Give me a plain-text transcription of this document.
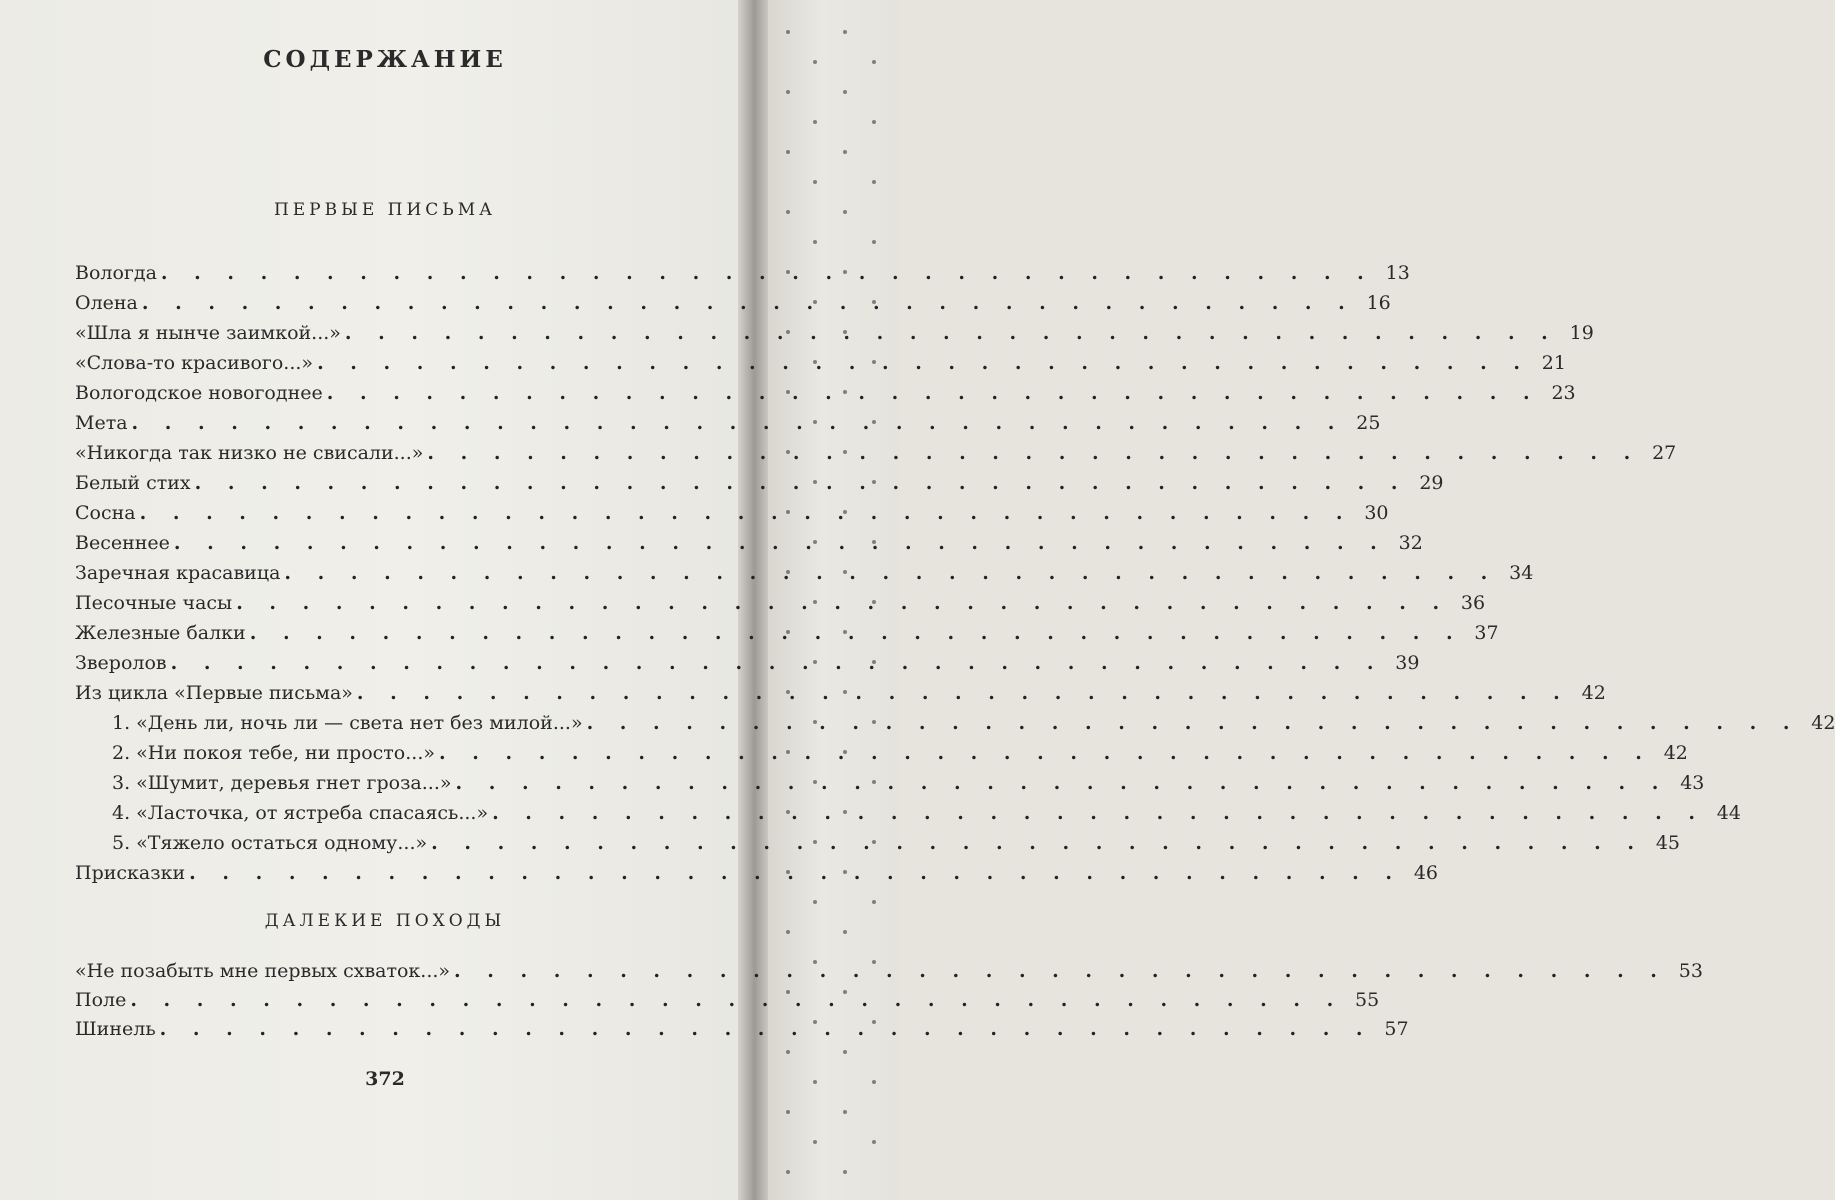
СОДЕРЖАНИЕ
ПЕРВЫЕ ПИСЬМА
Вологда . . . . . . . . . . . . . . . . . . . . . . . . . . . . . . . . . . . . . 13
Олена . . . . . . . . . . . . . . . . . . . . . . . . . . . . . . . . . . . . . 16
«Шла я нынче заимкой...» . . . . . . . . . . . . . . . . . . . . . . . . . . . . . . . . . . . . . 19
«Слова-то красивого...» . . . . . . . . . . . . . . . . . . . . . . . . . . . . . . . . . . . . . 21
Вологодское новогоднее . . . . . . . . . . . . . . . . . . . . . . . . . . . . . . . . . . . . . 23
Мета . . . . . . . . . . . . . . . . . . . . . . . . . . . . . . . . . . . . . 25
«Никогда так низко не свисали...» . . . . . . . . . . . . . . . . . . . . . . . . . . . . . . . . . . . . . 27
Белый стих . . . . . . . . . . . . . . . . . . . . . . . . . . . . . . . . . . . . . 29
Сосна . . . . . . . . . . . . . . . . . . . . . . . . . . . . . . . . . . . . . 30
Весеннее . . . . . . . . . . . . . . . . . . . . . . . . . . . . . . . . . . . . . 32
Заречная красавица . . . . . . . . . . . . . . . . . . . . . . . . . . . . . . . . . . . . . 34
Песочные часы . . . . . . . . . . . . . . . . . . . . . . . . . . . . . . . . . . . . . 36
Железные балки . . . . . . . . . . . . . . . . . . . . . . . . . . . . . . . . . . . . . 37
Зверолов . . . . . . . . . . . . . . . . . . . . . . . . . . . . . . . . . . . . . 39
Из цикла «Первые письма» . . . . . . . . . . . . . . . . . . . . . . . . . . . . . . . . . . . . . 42
1. «День ли, ночь ли — света нет без милой...» . . . . . . . . . . . . . . . . . . . . . . . . . . . . . . . . . . . . . 42
2. «Ни покоя тебе, ни просто...» . . . . . . . . . . . . . . . . . . . . . . . . . . . . . . . . . . . . . 42
3. «Шумит, деревья гнет гроза...» . . . . . . . . . . . . . . . . . . . . . . . . . . . . . . . . . . . . . 43
4. «Ласточка, от ястреба спасаясь...» . . . . . . . . . . . . . . . . . . . . . . . . . . . . . . . . . . . . . 44
5. «Тяжело остаться одному...» . . . . . . . . . . . . . . . . . . . . . . . . . . . . . . . . . . . . . 45
Присказки . . . . . . . . . . . . . . . . . . . . . . . . . . . . . . . . . . . . . 46
ДАЛЕКИЕ ПОХОДЫ
«Не позабыть мне первых схваток...» . . . . . . . . . . . . . . . . . . . . . . . . . . . . . . . . . . . . . 53
Поле . . . . . . . . . . . . . . . . . . . . . . . . . . . . . . . . . . . . . 55
Шинель . . . . . . . . . . . . . . . . . . . . . . . . . . . . . . . . . . . . . 57
372
